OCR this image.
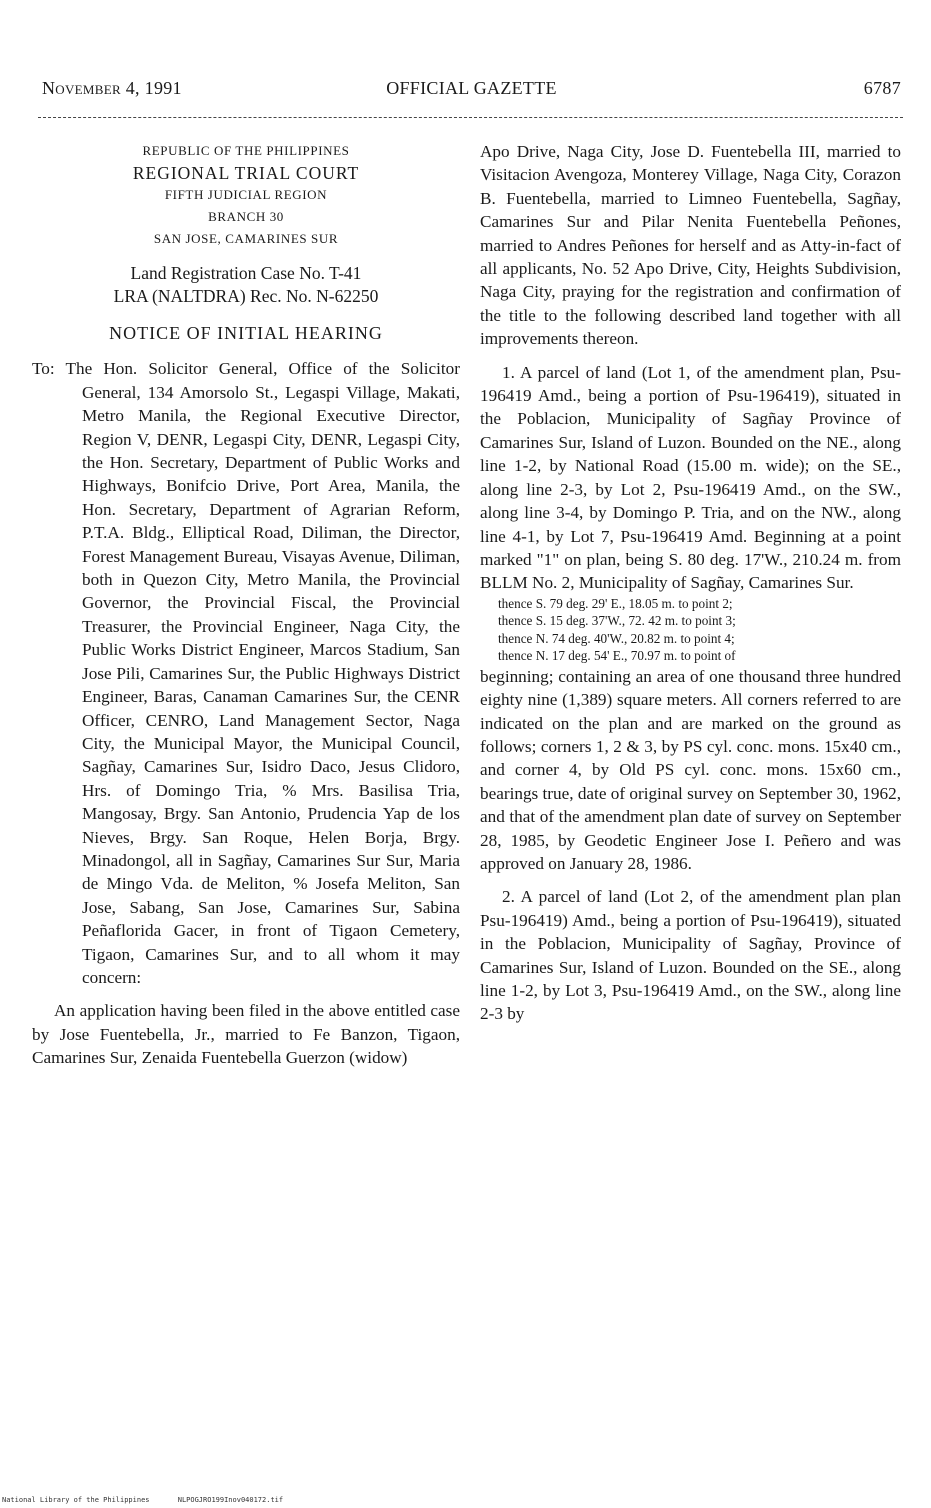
November 4, 1991	OFFICIAL GAZETTE	6787
REPUBLIC OF THE PHILIPPINES
REGIONAL TRIAL COURT
FIFTH JUDICIAL REGION
BRANCH 30
SAN JOSE, CAMARINES SUR
Land Registration Case No. T-41
LRA (NALTDRA) Rec. No. N-62250
NOTICE OF INITIAL HEARING

To: The Hon. Solicitor General, Office of the Solicitor General, 134 Amorsolo St., Legaspi Village, Makati, Metro Manila, the Regional Executive Director, Region V, DENR, Legaspi City, DENR, Legaspi City, the Hon. Secretary, Department of Public Works and Highways, Bonifcio Drive, Port Area, Manila, the Hon. Secretary, Department of Agrarian Reform, P.T.A. Bldg., Elliptical Road, Diliman, the Director, Forest Management Bureau, Visayas Avenue, Diliman, both in Quezon City, Metro Manila, the Provincial Governor, the Provincial Fiscal, the Provincial Treasurer, the Provincial Engineer, Naga City, the Public Works District Engineer, Marcos Stadium, San Jose Pili, Camarines Sur, the Public Highways District Engineer, Baras, Canaman Camarines Sur, the CENR Officer, CENRO, Land Management Sector, Naga City, the Municipal Mayor, the Municipal Council, Sagñay, Camarines Sur, Isidro Daco, Jesus Clidoro, Hrs. of Domingo Tria, % Mrs. Basilisa Tria, Mangosay, Brgy. San Antonio, Prudencia Yap de los Nieves, Brgy. San Roque, Helen Borja, Brgy. Minadongol, all in Sagñay, Camarines Sur Sur, Maria de Mingo Vda. de Meliton, % Josefa Meliton, San Jose, Sabang, San Jose, Camarines Sur, Sabina Peñaflorida Gacer, in front of Tigaon Cemetery, Tigaon, Camarines Sur, and to all whom it may concern:

An application having been filed in the above entitled case by Jose Fuentebella, Jr., married to Fe Banzon, Tigaon, Camarines Sur, Zenaida Fuentebella Guerzon (widow)

Apo Drive, Naga City, Jose D. Fuentebella III, married to Visitacion Avengoza, Monterey Village, Naga City, Corazon B. Fuentebella, married to Limneo Fuentebella, Sagñay, Camarines Sur and Pilar Nenita Fuentebella Peñones, married to Andres Peñones for herself and as Atty-in-fact of all applicants, No. 52 Apo Drive, City, Heights Subdivision, Naga City, praying for the registration and confirmation of the title to the following described land together with all improvements thereon.

1. A parcel of land (Lot 1, of the amendment plan, Psu-196419 Amd., being a portion of Psu-196419), situated in the Poblacion, Municipality of Sagñay Province of Camarines Sur, Island of Luzon. Bounded on the NE., along line 1-2, by National Road (15.00 m. wide); on the SE., along line 2-3, by Lot 2, Psu-196419 Amd., on the SW., along line 3-4, by Domingo P. Tria, and on the NW., along line 4-1, by Lot 7, Psu-196419 Amd. Beginning at a point marked "1" on plan, being S. 80 deg. 17'W., 210.24 m. from BLLM No. 2, Municipality of Sagñay, Camarines Sur.

thence S. 79 deg. 29' E., 18.05 m. to point 2;

thence S. 15 deg. 37'W., 72. 42 m. to point 3;

thence N. 74 deg. 40'W., 20.82 m. to point 4;

thence N. 17 deg. 54' E., 70.97 m. to point of

beginning; containing an area of one thousand three hundred eighty nine (1,389) square meters. All corners referred to are indicated on the plan and are marked on the ground as follows; corners 1, 2 & 3, by PS cyl. conc. mons. 15x40 cm., and corner 4, by Old PS cyl. conc. mons. 15x60 cm., bearings true, date of original survey on September 30, 1962, and that of the amendment plan date of survey on September 28, 1985, by Geodetic Engineer Jose I. Peñero and was approved on January 28, 1986.

2. A parcel of land (Lot 2, of the amendment plan plan Psu-196419) Amd., being a portion of Psu-196419), situated in the Poblacion, Municipality of Sagñay, Province of Camarines Sur, Island of Luzon. Bounded on the SE., along line 1-2, by Lot 3, Psu-196419 Amd., on the SW., along line 2-3 by

National Library of the Philippines	NLPOGJRO199Inov040172.tif
